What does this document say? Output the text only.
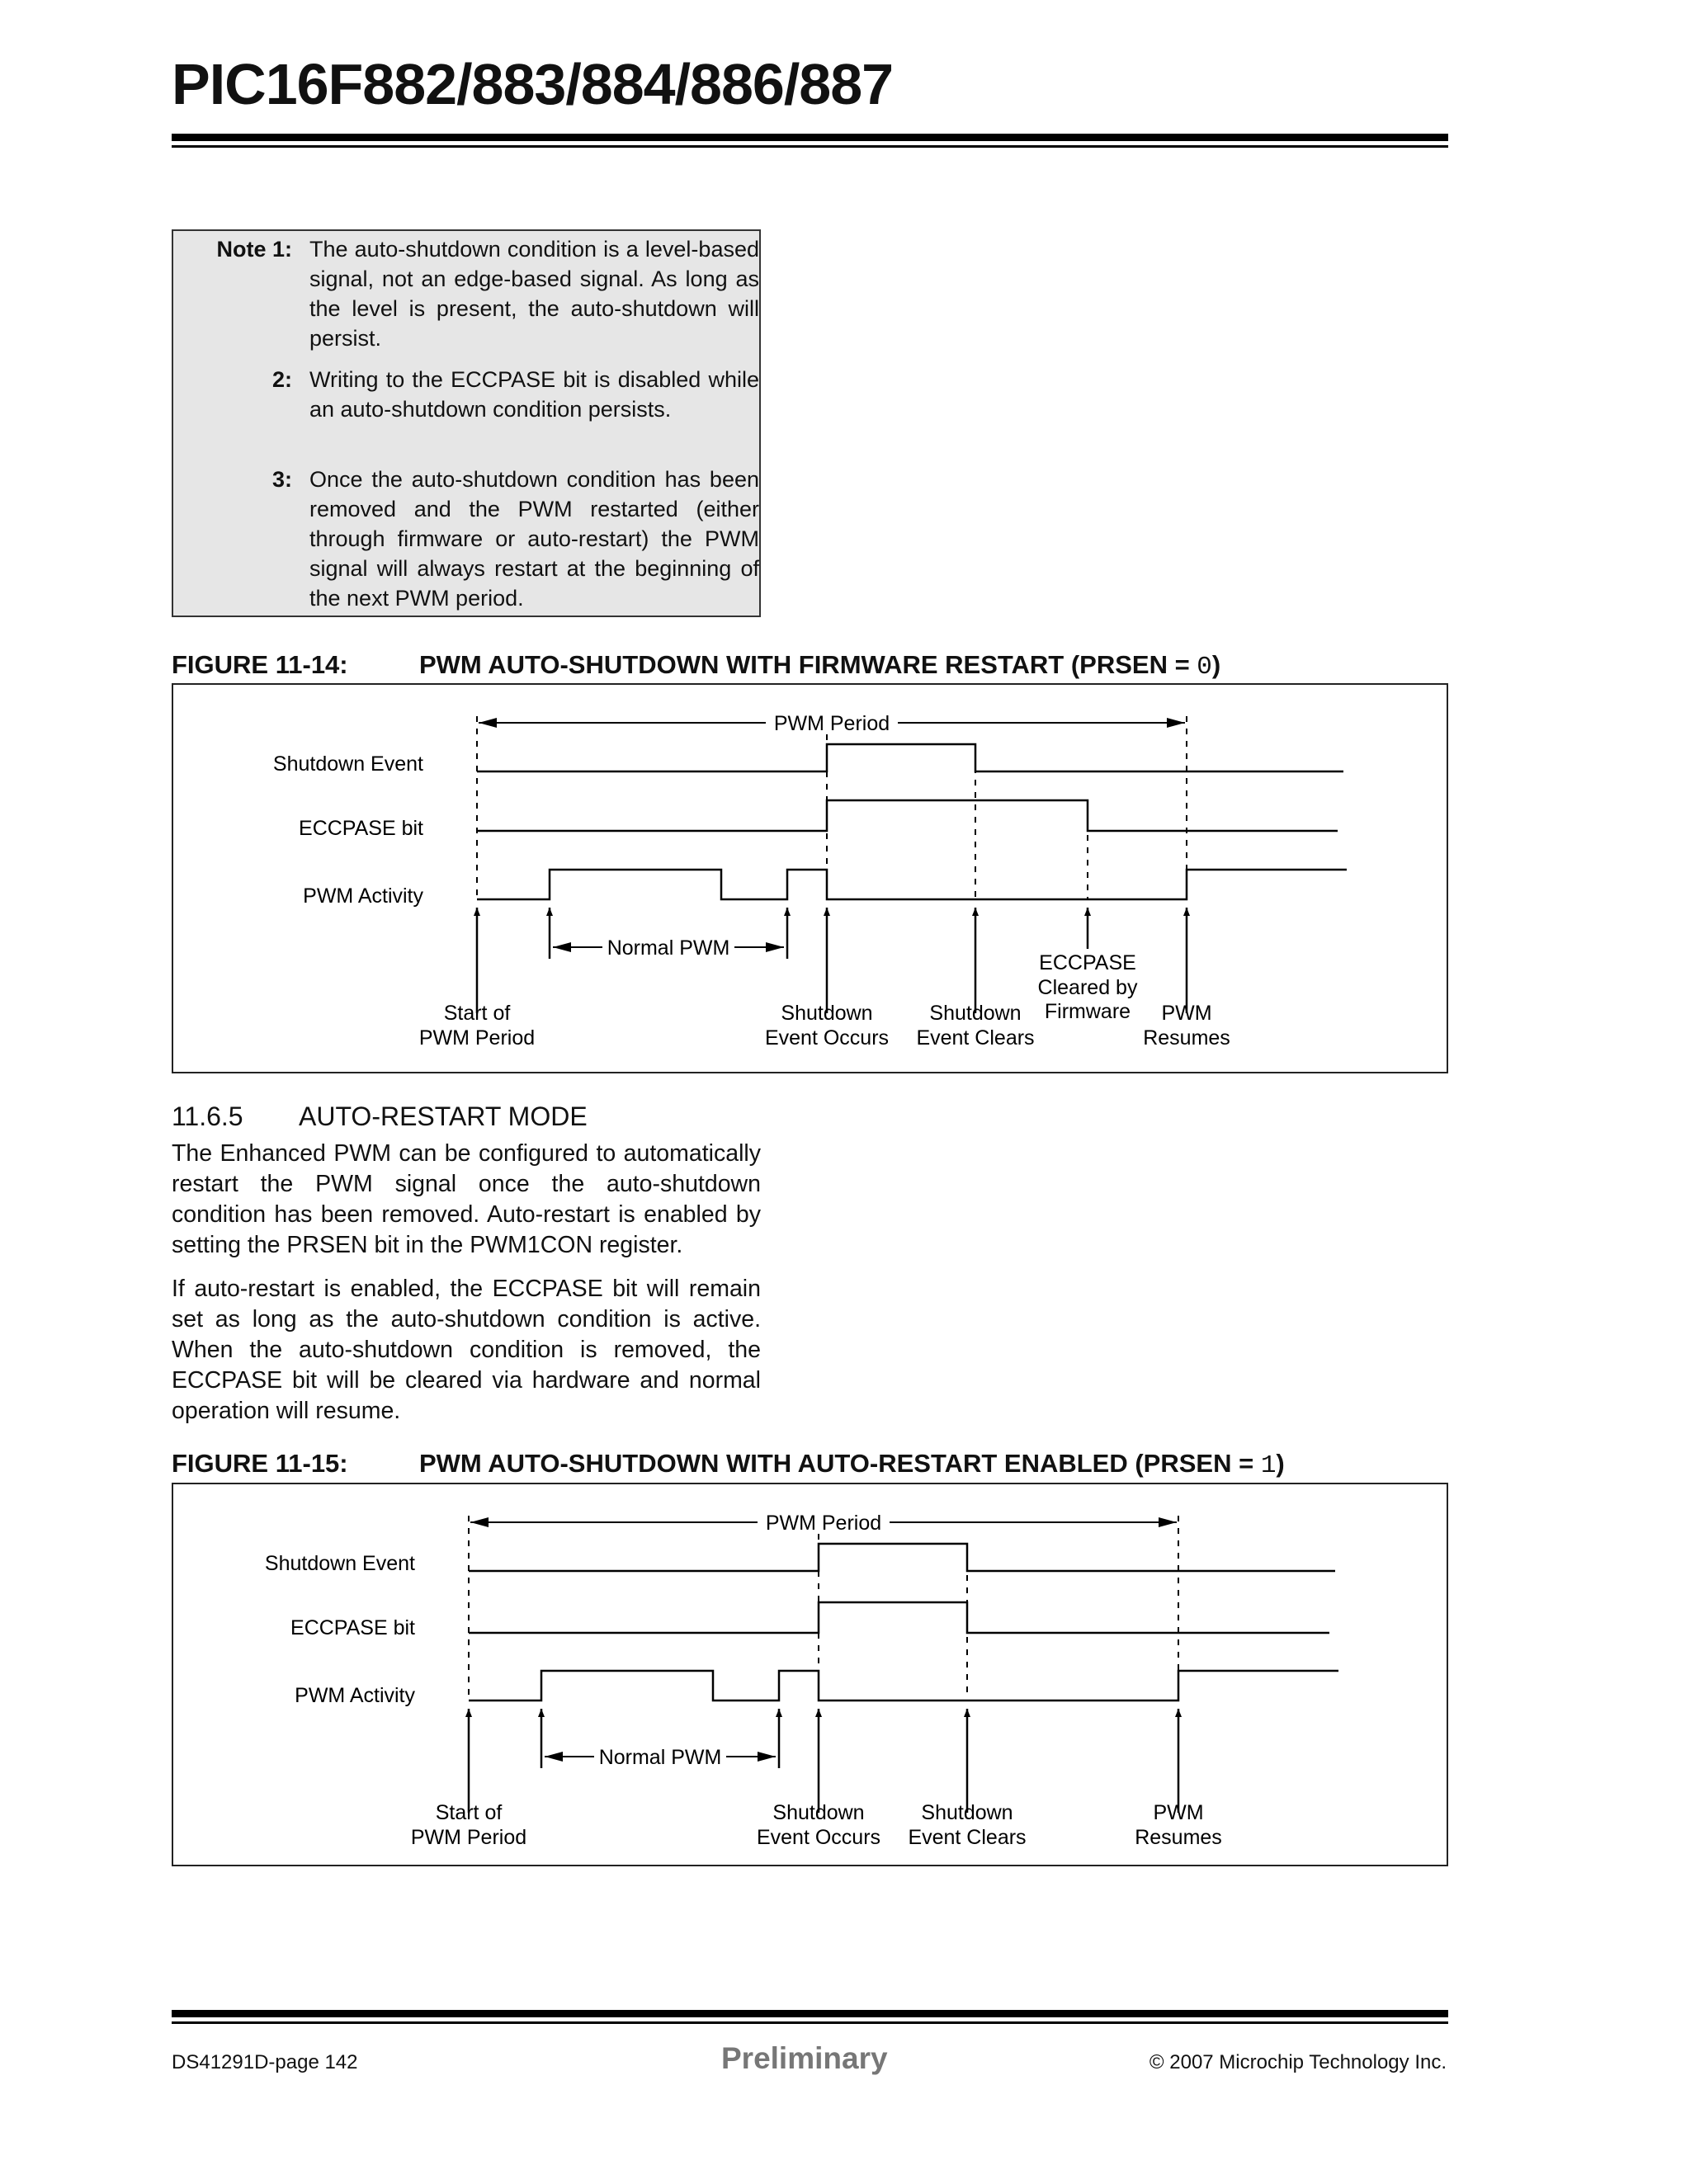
PIC16F882/883/884/886/887
Note 1: The auto-shutdown condition is a level-based signal, not an edge-based signal. As long as the level is present, the auto-shutdown will persist.
2: Writing to the ECCPASE bit is disabled while an auto-shutdown condition persists.
3: Once the auto-shutdown condition has been removed and the PWM restarted (either through firmware or auto-restart) the PWM signal will always restart at the beginning of the next PWM period.
FIGURE 11-14:	PWM AUTO-SHUTDOWN WITH FIRMWARE RESTART (PRSEN = 0)
PWM Period
Shutdown Event
ECCPASE bit
PWM Activity
Normal PWM
Start of
PWM Period
Shutdown
Event Occurs
Shutdown
Event Clears
ECCPASE
Cleared by
Firmware PWM
Resumes
11.6.5 AUTO-RESTART MODE

The Enhanced PWM can be configured to automatically restart the PWM signal once the auto-shutdown condition has been removed. Auto-restart is enabled by setting the PRSEN bit in the PWM1CON register.

If auto-restart is enabled, the ECCPASE bit will remain set as long as the auto-shutdown condition is active. When the auto-shutdown condition is removed, the ECCPASE bit will be cleared via hardware and normal operation will resume.

FIGURE 11-15:	PWM AUTO-SHUTDOWN WITH AUTO-RESTART ENABLED (PRSEN = 1)
PWM Period
Shutdown Event
ECCPASE bit
PWM Activity
Normal PWM
Start of
PWM Period
Shutdown
Event Occurs
Shutdown
Event Clears
PWM
Resumes
DS41291D-page 142	Preliminary	© 2007 Microchip Technology Inc.
